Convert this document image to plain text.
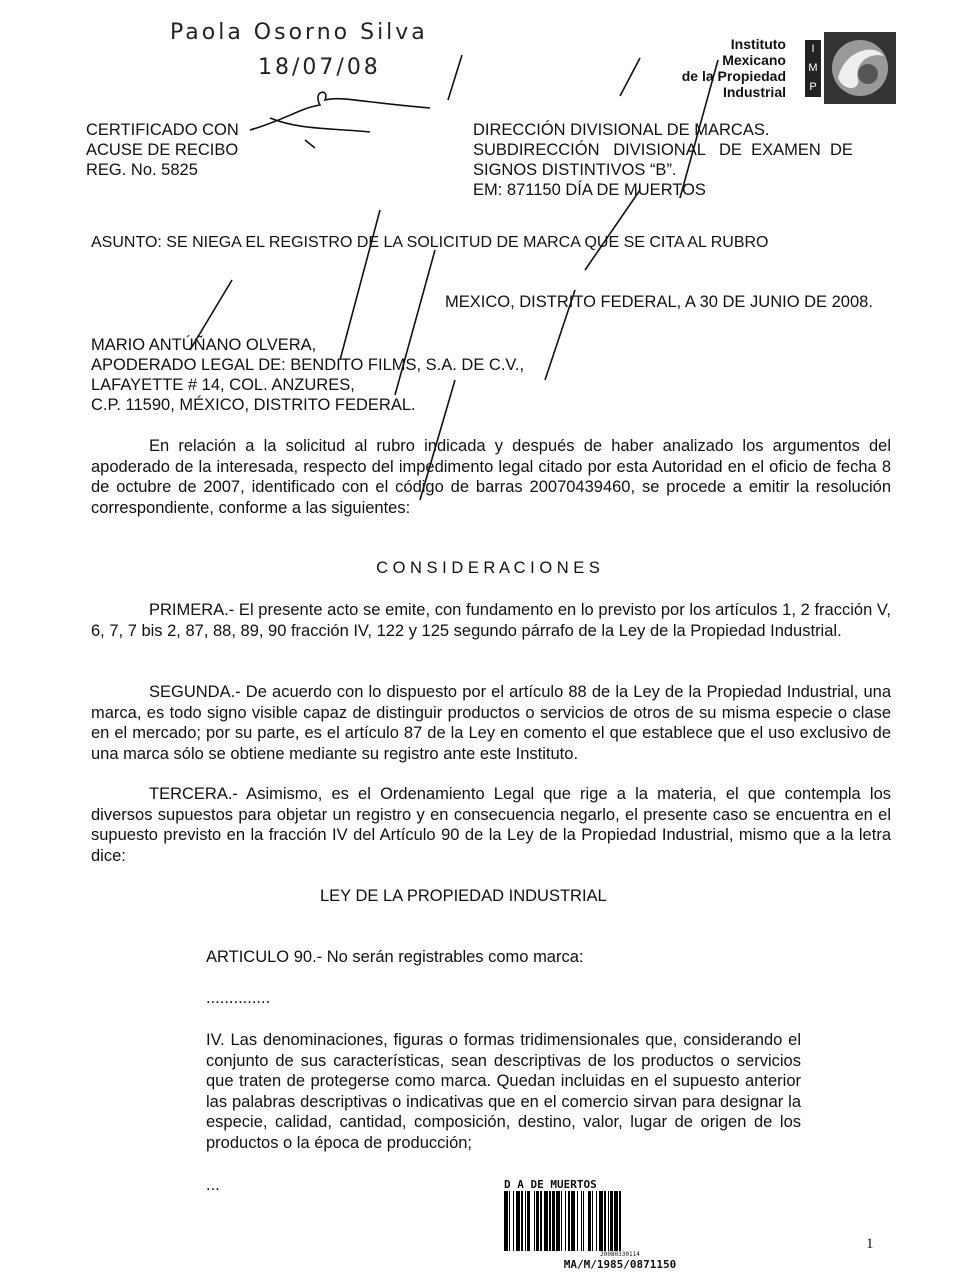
Paola Osorno Silva
18/07/08
Instituto
Mexicano
de la Propiedad
Industrial
I
M
P
CERTIFICADO CON
ACUSE DE RECIBO
REG. No. 5825
DIRECCIÓN DIVISIONAL DE MARCAS.
SUBDIRECCIÓN   DIVISIONAL   DE  EXAMEN  DE
SIGNOS DISTINTIVOS “B”.
EM: 871150 DÍA DE MUERTOS
ASUNTO: SE NIEGA EL REGISTRO DE LA SOLICITUD DE MARCA QUE SE CITA AL RUBRO
MEXICO, DISTRITO FEDERAL, A 30 DE JUNIO DE 2008.
MARIO ANTÚÑANO OLVERA,
APODERADO LEGAL DE: BENDITO FILMS, S.A. DE C.V.,
LAFAYETTE # 14, COL. ANZURES,
C.P. 11590, MÉXICO, DISTRITO FEDERAL.
En relación a la solicitud al rubro indicada y después de haber analizado los argumentos del apoderado de la interesada, respecto del impedimento legal citado por esta Autoridad en el oficio de fecha 8 de octubre de 2007, identificado con el código de barras 20070439460, se procede a emitir la resolución correspondiente, conforme a las siguientes:
C O N S I D E R A C I O N E S
PRIMERA.- El presente acto se emite, con fundamento en lo previsto por los artículos 1, 2 fracción V, 6, 7, 7 bis 2, 87, 88, 89, 90 fracción IV, 122 y 125 segundo párrafo de la Ley de la Propiedad Industrial.
SEGUNDA.- De acuerdo con lo dispuesto por el artículo 88 de la Ley de la Propiedad Industrial, una marca, es todo signo visible capaz de distinguir productos o servicios de otros de su misma especie o clase en el mercado; por su parte, es el artículo 87 de la Ley en comento el que establece que el uso exclusivo de una marca sólo se obtiene mediante su registro ante este Instituto.
TERCERA.- Asimismo, es el Ordenamiento Legal que rige a la materia, el que contempla los diversos supuestos para objetar un registro y en consecuencia negarlo, el presente caso se encuentra en el supuesto previsto en la fracción IV del Artículo 90 de la Ley de la Propiedad Industrial, mismo que a la letra dice:
LEY DE LA PROPIEDAD INDUSTRIAL
ARTICULO 90.- No serán registrables como marca:
..............
IV. Las denominaciones, figuras o formas tridimensionales que, considerando el conjunto de sus características, sean descriptivas de los productos o servicios que traten de protegerse como marca. Quedan incluidas en el supuesto anterior las palabras descriptivas o indicativas que en el comercio sirvan para designar la especie, calidad, cantidad, composición, destino, valor, lugar de origen de los productos o la época de producción;
...	D A DE MUERTOS
20080330114
MA/M/1985/0871150
1
